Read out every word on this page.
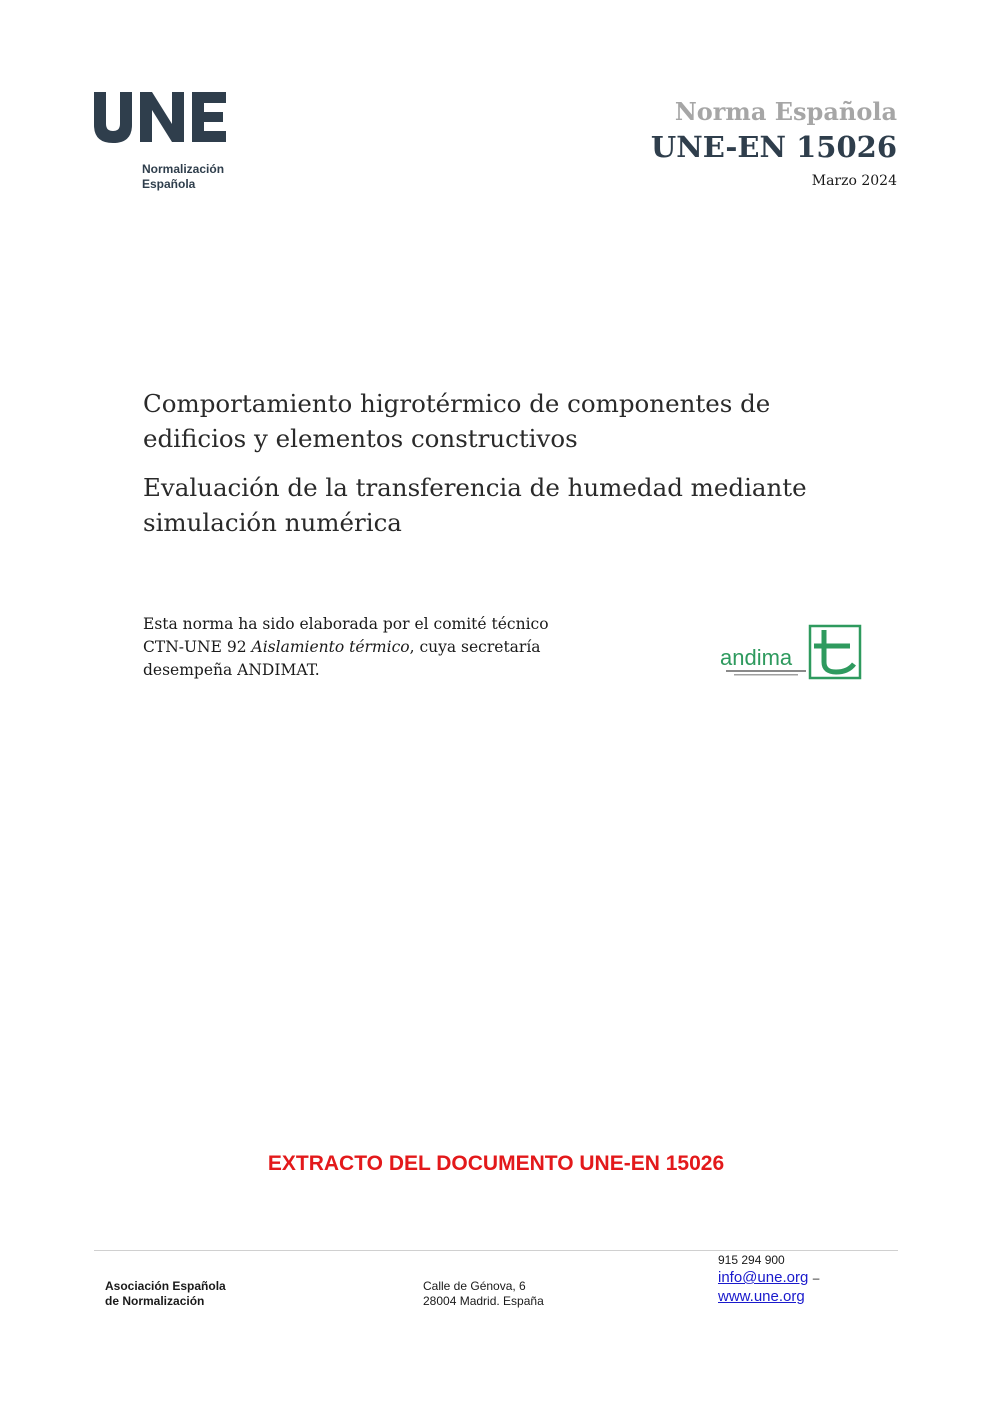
Normalización
Española
Norma Española
UNE-EN 15026
Marzo 2024
Comportamiento higrotérmico de componentes de
edificios y elementos constructivos
Evaluación de la transferencia de humedad mediante
simulación numérica
Esta norma ha sido elaborada por el comité técnico
CTN-UNE 92 Aislamiento térmico, cuya secretaría
desempeña ANDIMAT.	andima
EXTRACTO DEL DOCUMENTO UNE-EN 15026
Asociación Española
de Normalización
Calle de Génova, 6
28004 Madrid. España
915 294 900
info@une.org –
www.une.org
